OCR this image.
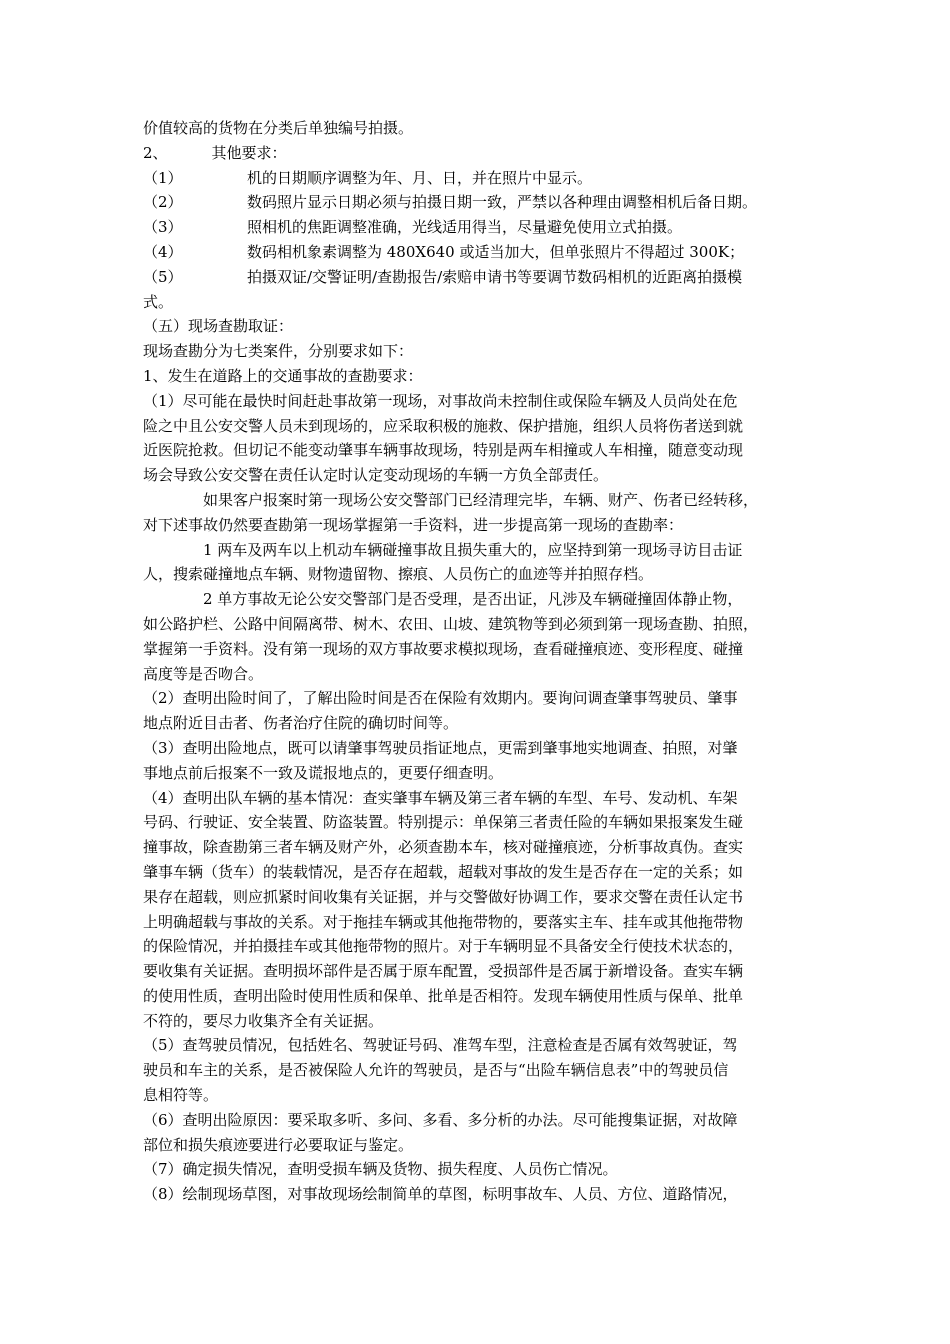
价值较高的货物在分类后单独编号拍摄。
2、	其他要求：
（1）	机的日期顺序调整为年、月、日，并在照片中显示。
（2）	数码照片显示日期必须与拍摄日期一致，严禁以各种理由调整相机后备日期。
（3）	照相机的焦距调整准确，光线适用得当，尽量避免使用立式拍摄。
（4）	数码相机象素调整为 480X640 或适当加大，但单张照片不得超过 300K；
（5）	拍摄双证/交警证明/查勘报告/索赔申请书等要调节数码相机的近距离拍摄模
式。
（五）现场查勘取证：
现场查勘分为七类案件，分别要求如下：
1、发生在道路上的交通事故的查勘要求：
（1）尽可能在最快时间赶赴事故第一现场，对事故尚未控制住或保险车辆及人员尚处在危
险之中且公安交警人员未到现场的，应采取积极的施救、保护措施，组织人员将伤者送到就
近医院抢救。但切记不能变动肇事车辆事故现场，特别是两车相撞或人车相撞，随意变动现
场会导致公安交警在责任认定时认定变动现场的车辆一方负全部责任。
如果客户报案时第一现场公安交警部门已经清理完毕，车辆、财产、伤者已经转移，
对下述事故仍然要查勘第一现场掌握第一手资料，进一步提高第一现场的查勘率：
1 两车及两车以上机动车辆碰撞事故且损失重大的，应坚持到第一现场寻访目击证
人，搜索碰撞地点车辆、财物遗留物、擦痕、人员伤亡的血迹等并拍照存档。
2 单方事故无论公安交警部门是否受理，是否出证，凡涉及车辆碰撞固体静止物，
如公路护栏、公路中间隔离带、树木、农田、山坡、建筑物等到必须到第一现场查勘、拍照，
掌握第一手资料。没有第一现场的双方事故要求模拟现场，查看碰撞痕迹、变形程度、碰撞
高度等是否吻合。
（2）查明出险时间了，了解出险时间是否在保险有效期内。要询问调查肇事驾驶员、肇事
地点附近目击者、伤者治疗住院的确切时间等。
（3）查明出险地点，既可以请肇事驾驶员指证地点，更需到肇事地实地调查、拍照，对肇
事地点前后报案不一致及谎报地点的，更要仔细查明。
（4）查明出队车辆的基本情况：查实肇事车辆及第三者车辆的车型、车号、发动机、车架
号码、行驶证、安全装置、防盗装置。特别提示：单保第三者责任险的车辆如果报案发生碰
撞事故，除查勘第三者车辆及财产外，必须查勘本车，核对碰撞痕迹，分析事故真伪。查实
肇事车辆（货车）的装载情况，是否存在超载，超载对事故的发生是否存在一定的关系；如
果存在超载，则应抓紧时间收集有关证据，并与交警做好协调工作，要求交警在责任认定书
上明确超载与事故的关系。对于拖挂车辆或其他拖带物的，要落实主车、挂车或其他拖带物
的保险情况，并拍摄挂车或其他拖带物的照片。对于车辆明显不具备安全行使技术状态的，
要收集有关证据。查明损坏部件是否属于原车配置，受损部件是否属于新增设备。查实车辆
的使用性质，查明出险时使用性质和保单、批单是否相符。发现车辆使用性质与保单、批单
不符的，要尽力收集齐全有关证据。
（5）查驾驶员情况，包括姓名、驾驶证号码、准驾车型，注意检查是否属有效驾驶证，驾
驶员和车主的关系，是否被保险人允许的驾驶员，是否与“出险车辆信息表”中的驾驶员信
息相符等。
（6）查明出险原因：要采取多听、多问、多看、多分析的办法。尽可能搜集证据，对故障
部位和损失痕迹要进行必要取证与鉴定。
（7）确定损失情况，查明受损车辆及货物、损失程度、人员伤亡情况。
（8）绘制现场草图，对事故现场绘制简单的草图，标明事故车、人员、方位、道路情况，
